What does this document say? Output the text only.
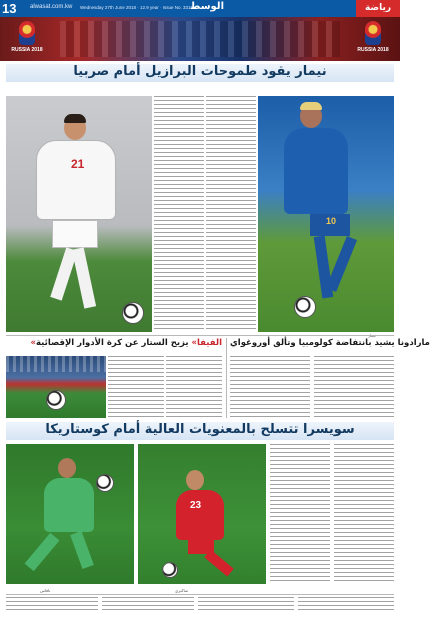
13 alwasat.com.kw Wednesday 27th June 2018 · 12.9 year · Issue No. 3316
الوسط	رياضة
RUSSIA 2018	RUSSIA 2018
نيمار يقود طموحات البرازيل أمام صربيا
21
10
مارادونا يشيد بانتفاضة كولومبيا وتألق أوروغواي
«الفيفا» يزيح الستار عن كرة الأدوار الإقصائية
سويسرا تتسلح بالمعنويات العالية أمام كوستاريكا
23
نافاس	شاكيري
